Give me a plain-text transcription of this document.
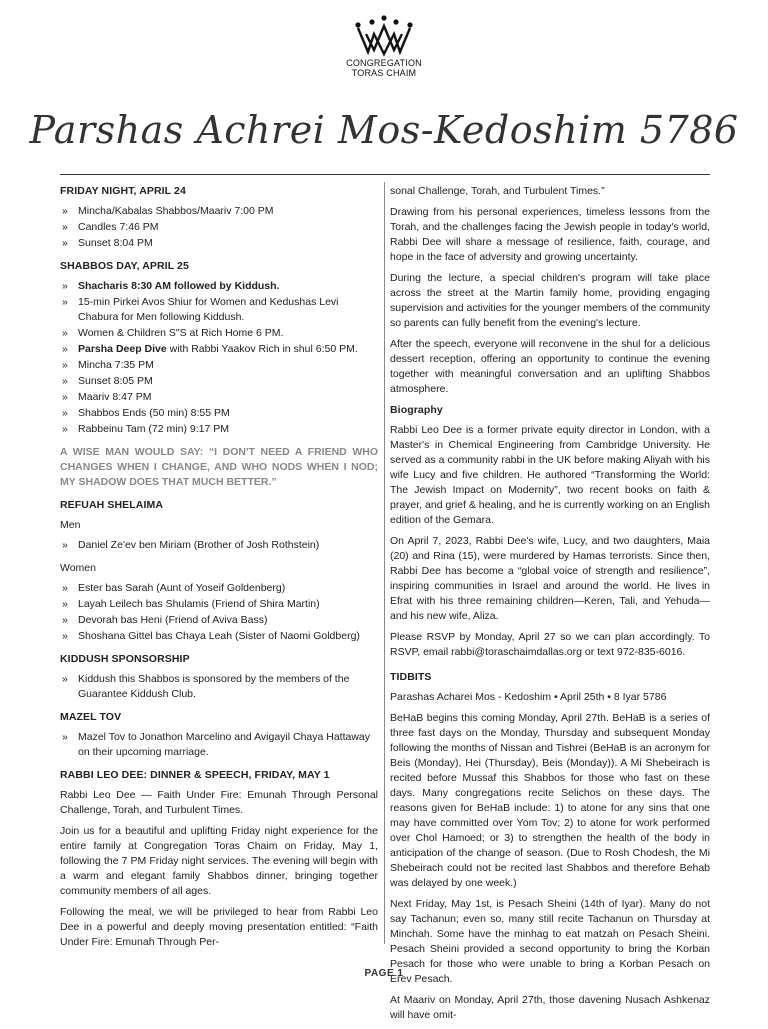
CONGREGATION
TORAS CHAIM
Parshas Achrei Mos-Kedoshim 5786
FRIDAY NIGHT, APRIL 24
» Mincha/Kabalas Shabbos/Maariv 7:00 PM
» Candles 7:46 PM
» Sunset 8:04 PM
SHABBOS DAY, APRIL 25
» Shacharis 8:30 AM followed by Kiddush.
» 15-min Pirkei Avos Shiur for Women and Kedushas Levi Chabura for Men following Kiddush.
» Women & Children S"S at Rich Home 6 PM.
» Parsha Deep Dive with Rabbi Yaakov Rich in shul 6:50 PM.
» Mincha 7:35 PM
» Sunset 8:05 PM
» Maariv 8:47 PM
» Shabbos Ends (50 min) 8:55 PM
» Rabbeinu Tam (72 min) 9:17 PM

A WISE MAN WOULD SAY: “I DON'T NEED A FRIEND WHO CHANGES WHEN I CHANGE, AND WHO NODS WHEN I NOD; MY SHADOW DOES THAT MUCH BETTER.”

REFUAH SHELAIMA
Men
» Daniel Ze'ev ben Miriam (Brother of Josh Rothstein)
Women
» Ester bas Sarah (Aunt of Yoseif Goldenberg)
» Layah Leilech bas Shulamis (Friend of Shira Martin)
» Devorah bas Heni (Friend of Aviva Bass)
» Shoshana Gittel bas Chaya Leah (Sister of Naomi Goldberg)
KIDDUSH SPONSORSHIP
» Kiddush this Shabbos is sponsored by the members of the Guarantee Kiddush Club.
MAZEL TOV
» Mazel Tov to Jonathon Marcelino and Avigayil Chaya Hattaway on their upcoming marriage.
RABBI LEO DEE: DINNER & SPEECH, FRIDAY, MAY 1

Rabbi Leo Dee — Faith Under Fire: Emunah Through Personal Challenge, Torah, and Turbulent Times.

Join us for a beautiful and uplifting Friday night experience for the entire family at Congregation Toras Chaim on Friday, May 1, following the 7 PM Friday night services. The evening will begin with a warm and elegant family Shabbos dinner, bringing together community members of all ages.

Following the meal, we will be privileged to hear from Rabbi Leo Dee in a powerful and deeply moving presentation entitled: “Faith Under Fire: Emunah Through Per-

sonal Challenge, Torah, and Turbulent Times.”

Drawing from his personal experiences, timeless lessons from the Torah, and the challenges facing the Jewish people in today's world, Rabbi Dee will share a message of resilience, faith, courage, and hope in the face of adversity and growing uncertainty.

During the lecture, a special children's program will take place across the street at the Martin family home, providing engaging supervision and activities for the younger members of the community so parents can fully benefit from the evening's lecture.

After the speech, everyone will reconvene in the shul for a delicious dessert reception, offering an opportunity to continue the evening together with meaningful conversation and an uplifting Shabbos atmosphere.

Biography

Rabbi Leo Dee is a former private equity director in London, with a Master's in Chemical Engineering from Cambridge University. He served as a community rabbi in the UK before making Aliyah with his wife Lucy and five children. He authored “Transforming the World: The Jewish Impact on Modernity”, two recent books on faith & prayer, and grief & healing, and he is currently working on an English edition of the Gemara.

On April 7, 2023, Rabbi Dee's wife, Lucy, and two daughters, Maia (20) and Rina (15), were murdered by Hamas terrorists. Since then, Rabbi Dee has become a “global voice of strength and resilience”, inspiring communities in Israel and around the world. He lives in Efrat with his three remaining children—Keren, Tali, and Yehuda—and his new wife, Aliza.

Please RSVP by Monday, April 27 so we can plan accordingly. To RSVP, email rabbi@toraschaimdallas.org or text 972-835-6016.

TIDBITS

Parashas Acharei Mos - Kedoshim • April 25th • 8 Iyar 5786

BeHaB begins this coming Monday, April 27th. BeHaB is a series of three fast days on the Monday, Thursday and subsequent Monday following the months of Nissan and Tishrei (BeHaB is an acronym for Beis (Monday), Hei (Thursday), Beis (Monday)). A Mi Shebeirach is recited before Mussaf this Shabbos for those who fast on these days. Many congregations recite Selichos on these days. The reasons given for BeHaB include: 1) to atone for any sins that one may have committed over Yom Tov; 2) to atone for work performed over Chol Hamoed; or 3) to strengthen the health of the body in anticipation of the change of season. (Due to Rosh Chodesh, the Mi Shebeirach could not be recited last Shabbos and therefore Behab was delayed by one week.)

Next Friday, May 1st, is Pesach Sheini (14th of Iyar). Many do not say Tachanun; even so, many still recite Tachanun on Thursday at Minchah. Some have the minhag to eat matzah on Pesach Sheini. Pesach Sheini provided a second opportunity to bring the Korban Pesach for those who were unable to bring a Korban Pesach on Erev Pesach.

At Maariv on Monday, April 27th, those davening Nusach Ashkenaz will have omit-

PAGE 1
